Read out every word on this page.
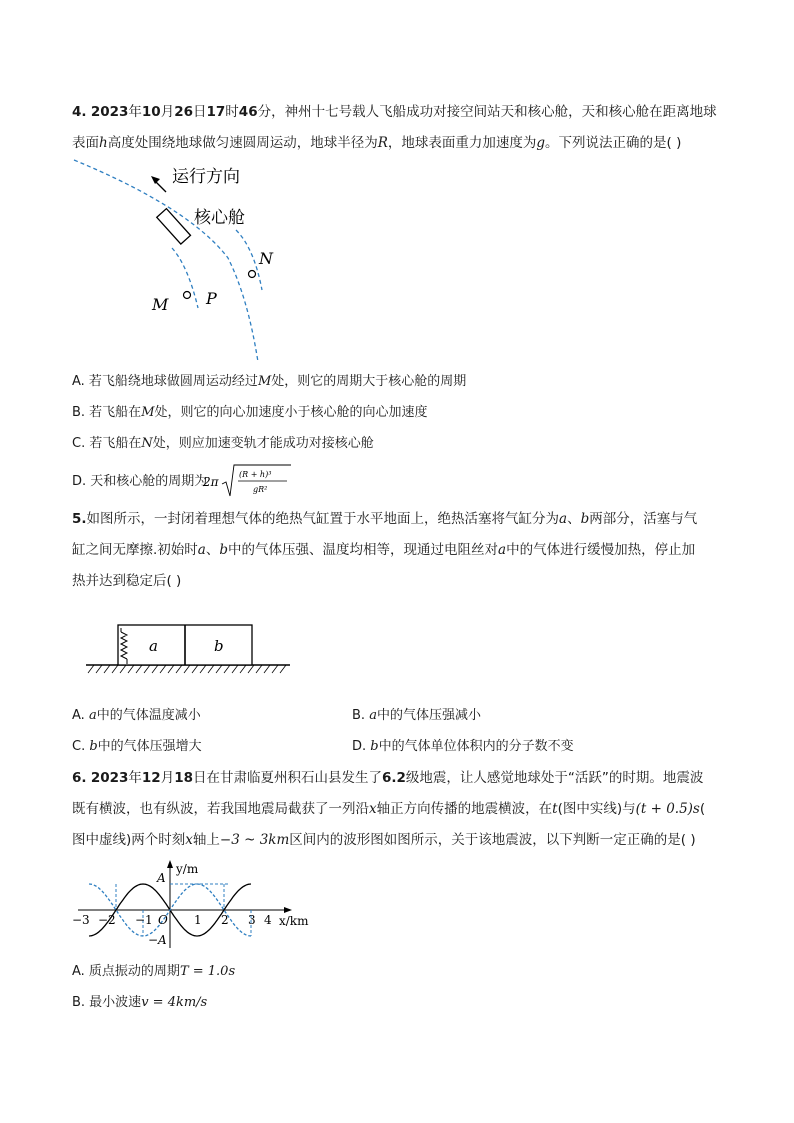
4. 2023年10月26日17时46分，神州十七号载人飞船成功对接空间站天和核心舱，天和核心舱在距离地球
表面h高度处围绕地球做匀速圆周运动，地球半径为R，地球表面重力加速度为g。下列说法正确的是( )
运行方向
核心舱
N
M P
A. 若飞船绕地球做圆周运动经过M处，则它的周期大于核心舱的周期
B. 若飞船在M处，则它的向心加速度小于核心舱的向心加速度
C. 若飞船在N处，则应加速变轨才能成功对接核心舱
D. 天和核心舱的周期为
2π
(R + h)³
gR²
5.如图所示，一封闭着理想气体的绝热气缸置于水平地面上，绝热活塞将气缸分为a、b两部分，活塞与气
缸之间无摩擦.初始时a、b中的气体压强、温度均相等，现通过电阻丝对a中的气体进行缓慢加热，停止加
热并达到稳定后( )
a	b
A. a中的气体温度减小	B. a中的气体压强减小
C. b中的气体压强增大	D. b中的气体单位体积内的分子数不变
6. 2023年12月18日在甘肃临夏州积石山县发生了6.2级地震，让人感觉地球处于“活跃”的时期。地震波
既有横波，也有纵波，若我国地震局截获了一列沿x轴正方向传播的地震横波，在t(图中实线)与(t + 0.5)s(
图中虚线)两个时刻x轴上−3 ~ 3km区间内的波形图如图所示，关于该地震波，以下判断一定正确的是( )
y/m
x/km
A
−A
O
−3 −2 −1	1 2 3 4
A. 质点振动的周期T = 1.0s
B. 最小波速v = 4km/s
